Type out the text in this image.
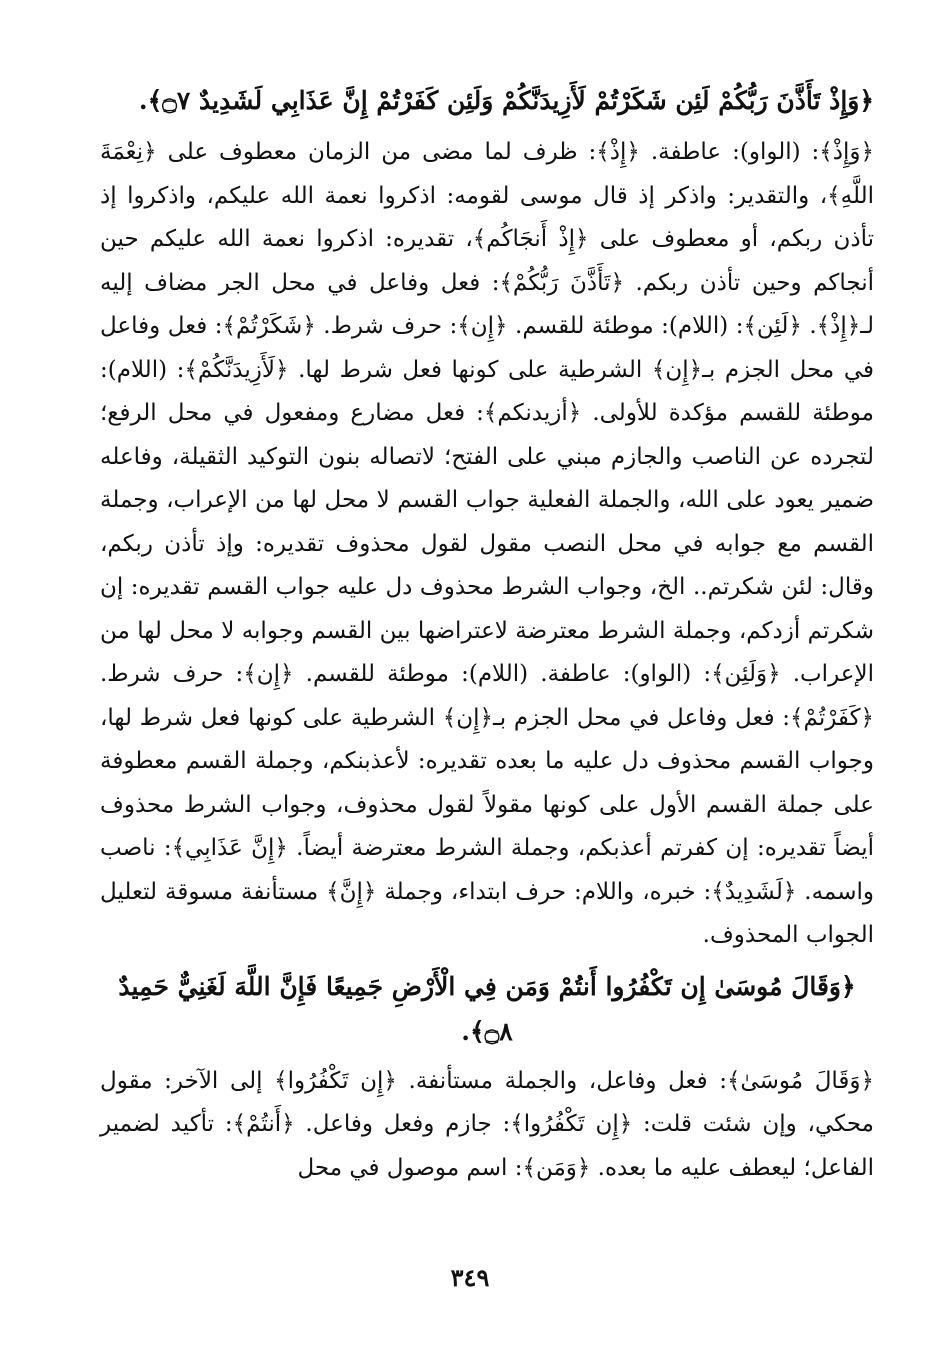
﴿وَإِذْ تَأَذَّنَ رَبُّكُمْ لَئِن شَكَرْتُمْ لَأَزِيدَنَّكُمْ وَلَئِن كَفَرْتُمْ إِنَّ عَذَابِي لَشَدِيدٌ ۝٧﴾.

﴿وَإِذْ﴾: (الواو): عاطفة. ﴿إِذْ﴾: ظرف لما مضى من الزمان معطوف على ﴿نِعْمَةَ اللَّهِ﴾، والتقدير: واذكر إذ قال موسى لقومه: اذكروا نعمة الله عليكم، واذكروا إذ تأذن ربكم، أو معطوف على ﴿إِذْ أَنجَاكُم﴾، تقديره: اذكروا نعمة الله عليكم حين أنجاكم وحين تأذن ربكم. ﴿تَأَذَّنَ رَبُّكُمْ﴾: فعل وفاعل في محل الجر مضاف إليه لـ﴿إِذْ﴾. ﴿لَئِن﴾: (اللام): موطئة للقسم. ﴿إِن﴾: حرف شرط. ﴿شَكَرْتُمْ﴾: فعل وفاعل في محل الجزم بـ﴿إِن﴾ الشرطية على كونها فعل شرط لها. ﴿لَأَزِيدَنَّكُمْ﴾: (اللام): موطئة للقسم مؤكدة للأولى. ﴿أزيدنكم﴾: فعل مضارع ومفعول في محل الرفع؛ لتجرده عن الناصب والجازم مبني على الفتح؛ لاتصاله بنون التوكيد الثقيلة، وفاعله ضمير يعود على الله، والجملة الفعلية جواب القسم لا محل لها من الإعراب، وجملة القسم مع جوابه في محل النصب مقول لقول محذوف تقديره: وإذ تأذن ربكم، وقال: لئن شكرتم.. الخ، وجواب الشرط محذوف دل عليه جواب القسم تقديره: إن شكرتم أزدكم، وجملة الشرط معترضة لاعتراضها بين القسم وجوابه لا محل لها من الإعراب. ﴿وَلَئِن﴾: (الواو): عاطفة. (اللام): موطئة للقسم. ﴿إِن﴾: حرف شرط. ﴿كَفَرْتُمْ﴾: فعل وفاعل في محل الجزم بـ﴿إِن﴾ الشرطية على كونها فعل شرط لها، وجواب القسم محذوف دل عليه ما بعده تقديره: لأعذبنكم، وجملة القسم معطوفة على جملة القسم الأول على كونها مقولاً لقول محذوف، وجواب الشرط محذوف أيضاً تقديره: إن كفرتم أعذبكم، وجملة الشرط معترضة أيضاً. ﴿إِنَّ عَذَابِي﴾: ناصب واسمه. ﴿لَشَدِيدٌ﴾: خبره، واللام: حرف ابتداء، وجملة ﴿إِنَّ﴾ مستأنفة مسوقة لتعليل الجواب المحذوف.

﴿وَقَالَ مُوسَىٰ إِن تَكْفُرُوا أَنتُمْ وَمَن فِي الْأَرْضِ جَمِيعًا فَإِنَّ اللَّهَ لَغَنِيٌّ حَمِيدٌ ۝٨﴾.

﴿وَقَالَ مُوسَىٰ﴾: فعل وفاعل، والجملة مستأنفة. ﴿إِن تَكْفُرُوا﴾ إلى الآخر: مقول محكي، وإن شئت قلت: ﴿إِن تَكْفُرُوا﴾: جازم وفعل وفاعل. ﴿أَنتُمْ﴾: تأكيد لضمير الفاعل؛ ليعطف عليه ما بعده. ﴿وَمَن﴾: اسم موصول في محل

٣٤٩
